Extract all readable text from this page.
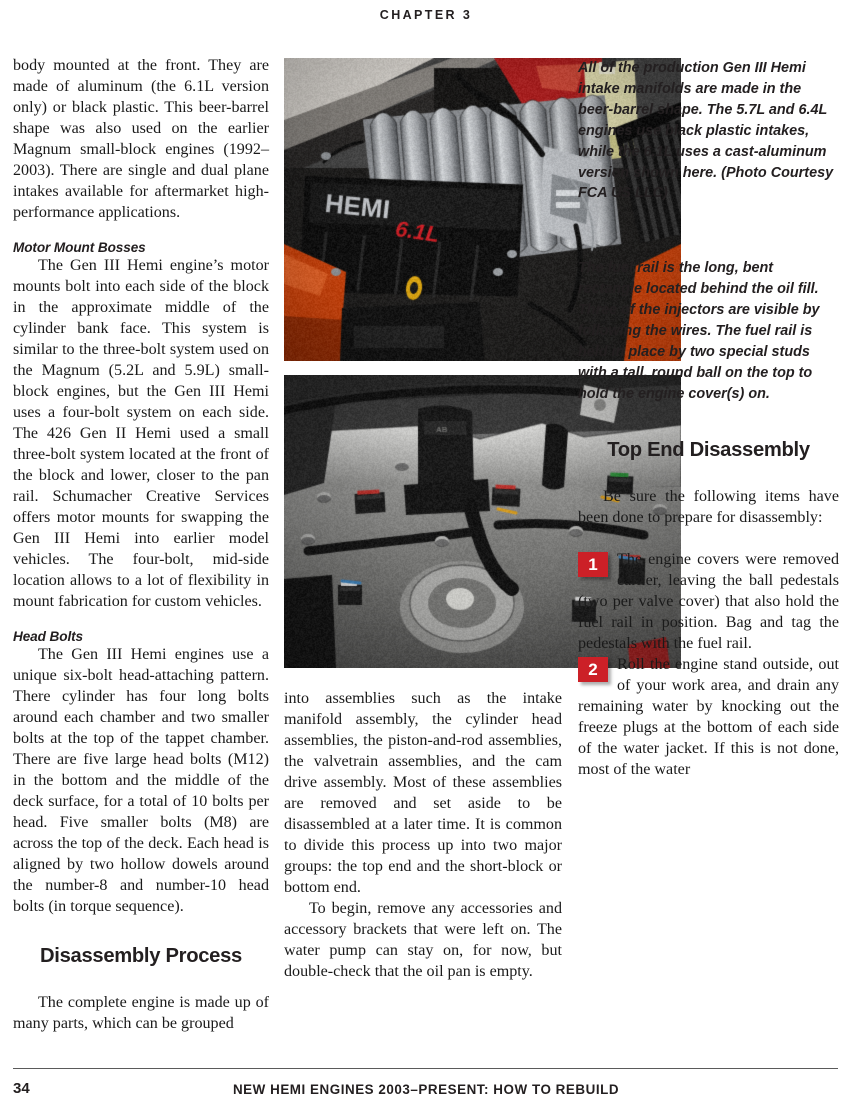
CHAPTER 3

body mounted at the front. They are made of aluminum (the 6.1L version only) or black plastic. This beer-barrel shape was also used on the earlier Magnum small-block engines (1992–2003). There are single and dual plane intakes available for aftermarket high-performance applications.

Motor Mount Bosses

The Gen III Hemi engine’s motor mounts bolt into each side of the block in the approximate middle of the cylinder bank face. This system is similar to the three-bolt system used on the Magnum (5.2L and 5.9L) small-block engines, but the Gen III Hemi uses a four-bolt system on each side. The 426 Gen II Hemi used a small three-bolt system located at the front of the block and lower, closer to the pan rail. Schumacher Creative Services offers motor mounts for swapping the Gen III Hemi into earlier model vehicles. The four-bolt, mid-side location allows to a lot of flexibility in mount fabrication for custom vehicles.

Head Bolts

The Gen III Hemi engines use a unique six-bolt head-attaching pattern. There cylinder has four long bolts around each chamber and two smaller bolts at the top of the tappet chamber. There are five large head bolts (M12) in the bottom and the middle of the deck surface, for a total of 10 bolts per head. Five smaller bolts (M8) are across the top of the deck. Each head is aligned by two hollow dowels around the number-8 and number-10 head bolts (in torque sequence).

Disassembly Process

The complete engine is made up of many parts, which can be grouped

into assemblies such as the intake manifold assembly, the cylinder head assemblies, the piston-and-rod assemblies, the valvetrain assemblies, and the cam drive assembly. Most of these assemblies are removed and set aside to be disassembled at a later time. It is common to divide this process up into two major groups: the top end and the short-block or bottom end.

To begin, remove any accessories and accessory brackets that were left on. The water pump can stay on, for now, but double-check that the oil pan is empty.

All of the production Gen III Hemi intake manifolds are made in the beer-barrel shape. The 5.7L and 6.4L engines use black plastic intakes, while the 6.1L uses a cast-aluminum version shown here. (Photo Courtesy FCA US LLC)

The fuel rail is the long, bent rectangle located behind the oil fill. Three of the injectors are visible by following the wires. The fuel rail is held in place by two special studs with a tall, round ball on the top to hold the engine cover(s) on.

Top End Disassembly

Be sure the following items have been done to prepare for disassembly:

1	The engine covers were removed earlier, leaving the ball pedestals (two per valve cover) that also hold the fuel rail in position. Bag and tag the pedestals with the fuel rail.

2	Roll the engine stand outside, out of your work area, and drain any remaining water by knocking out the freeze plugs at the bottom of each side of the water jacket. If this is not done, most of the water

34	NEW HEMI ENGINES 2003–PRESENT: HOW TO REBUILD
